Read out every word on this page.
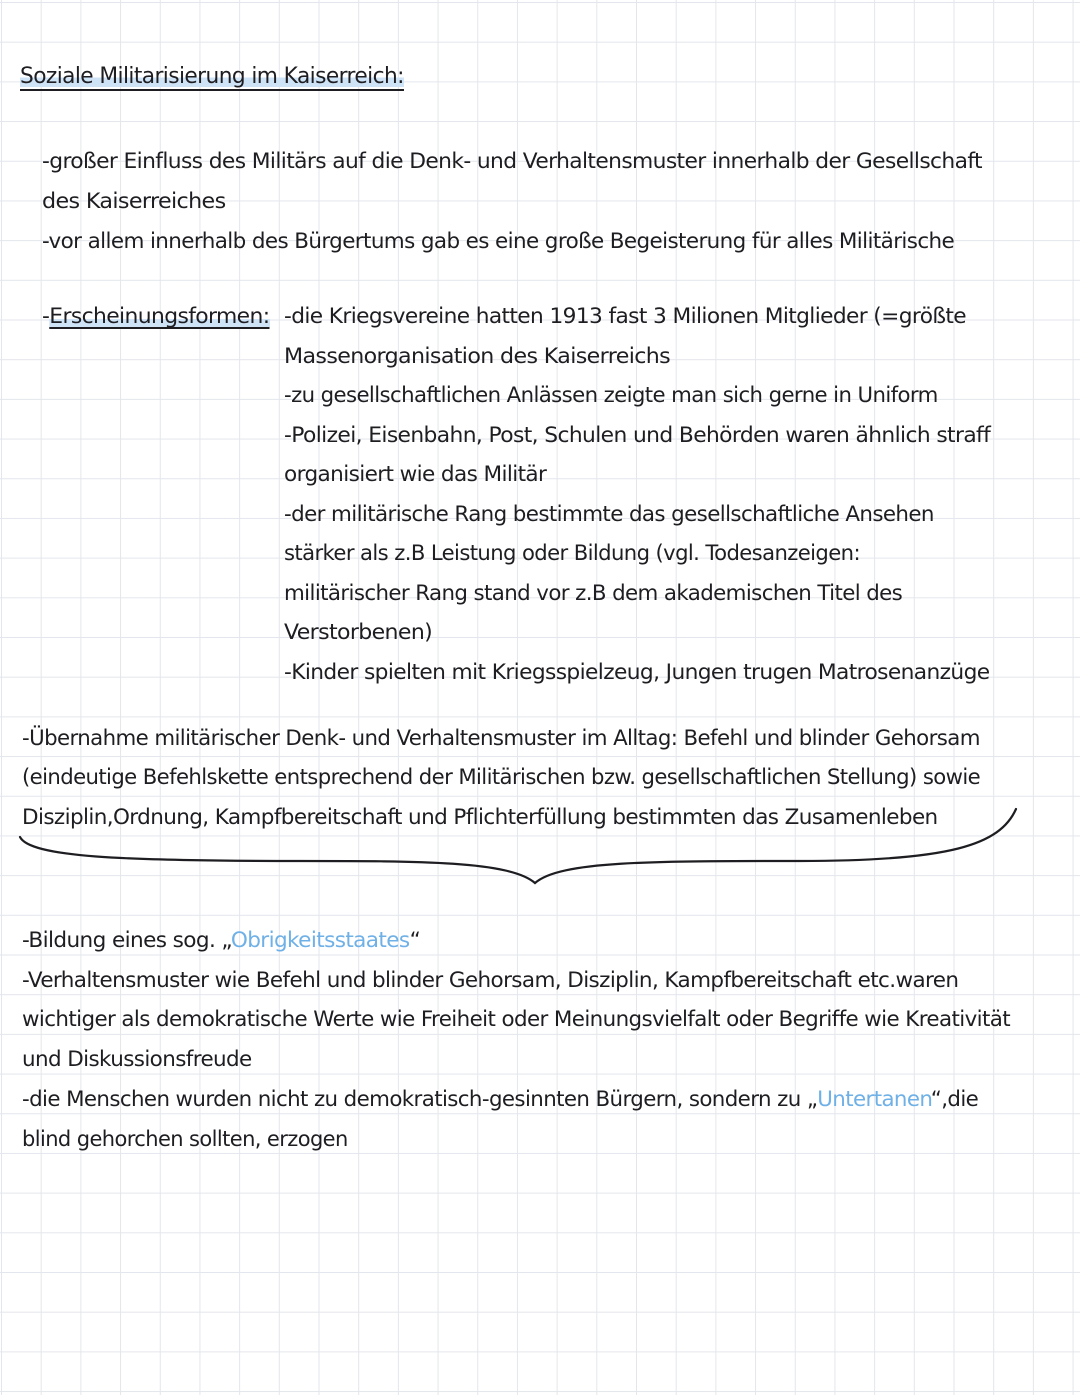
Soziale Militarisierung im Kaiserreich:
-großer Einfluss des Militärs auf die Denk- und Verhaltensmuster innerhalb der Gesellschaft
des Kaiserreiches
-vor allem innerhalb des Bürgertums gab es eine große Begeisterung für alles Militärische
-Erscheinungsformen: -die Kriegsvereine hatten 1913 fast 3 Milionen Mitglieder (=größte
Massenorganisation des Kaiserreichs
-zu gesellschaftlichen Anlässen zeigte man sich gerne in Uniform
-Polizei, Eisenbahn, Post, Schulen und Behörden waren ähnlich straff
organisiert wie das Militär
-der militärische Rang bestimmte das gesellschaftliche Ansehen
stärker als z.B Leistung oder Bildung (vgl. Todesanzeigen:
militärischer Rang stand vor z.B dem akademischen Titel des
Verstorbenen)
-Kinder spielten mit Kriegsspielzeug, Jungen trugen Matrosenanzüge
-Übernahme militärischer Denk- und Verhaltensmuster im Alltag: Befehl und blinder Gehorsam
(eindeutige Befehlskette entsprechend der Militärischen bzw. gesellschaftlichen Stellung) sowie
Disziplin,Ordnung, Kampfbereitschaft und Pflichterfüllung bestimmten das Zusamenleben
-Bildung eines sog. „Obrigkeitsstaates“
-Verhaltensmuster wie Befehl und blinder Gehorsam, Disziplin, Kampfbereitschaft etc.waren
wichtiger als demokratische Werte wie Freiheit oder Meinungsvielfalt oder Begriffe wie Kreativität
und Diskussionsfreude
-die Menschen wurden nicht zu demokratisch-gesinnten Bürgern, sondern zu „Untertanen“,die
blind gehorchen sollten, erzogen
